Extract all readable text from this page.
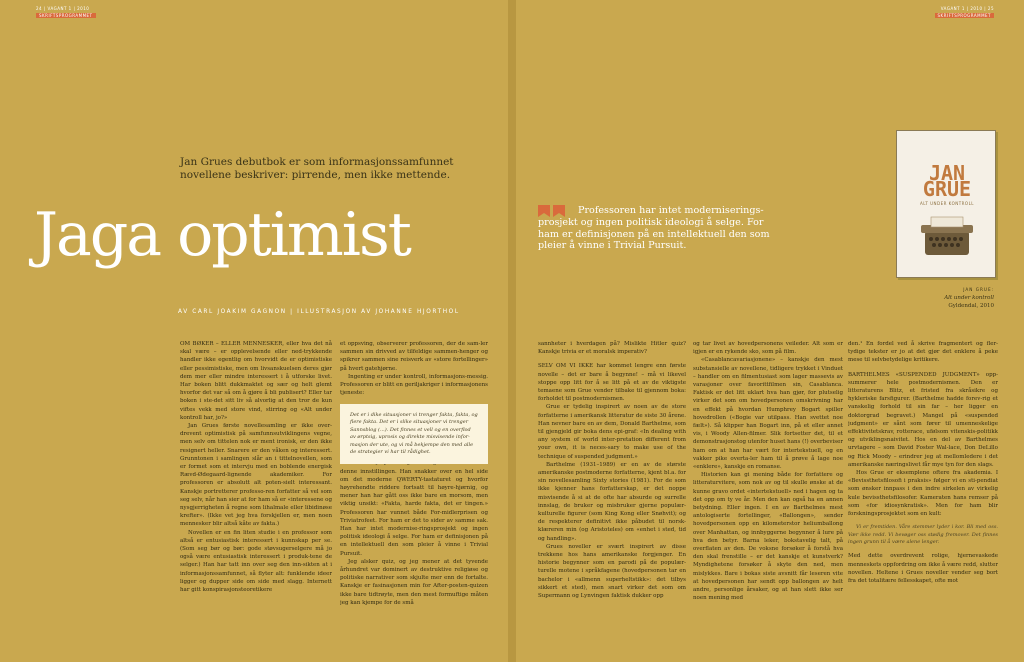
24 | VAGANT 1 | 2010
SKRIFTSPROGRAMMET
Jan Grues debutbok er som informasjonssamfunnet novellene beskriver: pirrende, men ikke mettende.
Jaga optimist
AV CARL JOAKIM GAGNON | ILLUSTRASJON AV JOHANNE HJORTHOL

OM BØKER – ELLER MENNESKER, eller hva det nå skal være – er opplevelsende eller ned-trykkende handler ikke egentlig om hvorvidt de er optimistiske eller pessimistiske, men om livsanskuelsen deres gjør dem mer eller mindre interessert i å utforske livet. Har boken blitt dukkmaktet og sær og helt glemt hvorfor det var så om å gjøre å bli publisert? Eller tar boken i ste-det sitt liv så alvorlig at den tror de kun viftes vekk med store vind, stirring og «Alt under kontroll har, jo?»

Jan Grues første novellesamling er ikke over-drevent optimistisk på samfunnsutviklingens vegne, men selv om tittelen nok er ment ironisk, er den ikke resignert heller. Snarere er den våken og interessert. Grunntonen i samlingen slår an i tittelnovellen, som er formet som et intervju med en boblende energisk Rævd-Ødegaard-lignende akademiker. For professoren er absolutt alt poten-sielt interessant. Kanskje portretterer professo-ren forfatter så vel som seg selv, når han sier at for ham så er «interessene og nysgjerrigheten å regne som lihalmale eller libidinøse krefter». (Ikke vet jeg hva forskjellen er, men noen mennesker blir altså kåte av fakta.)

Novellen er en fin liten studie i en professor som altså er entusiastisk interessert i kunnskap per se. (Som seg bør og bør: gode støvsugerselgere må jo også være entusiastisk interessert i produk-tene de selger.) Han har tatt inn over seg den inn-sikten at i informasjonssamfunnet, så flyter alt: funklende ideer ligger og dupper side om side med slagg. Internett har gitt konspirasjonsteoretikere

et oppsving, observerer professoren, der de sam-ler sammen sin drivved av tilfeldige sammen-henger og spikrer sammen sine reisverk av «store fortellinger» på hvert gatehjørne.

Ingenting er under kontroll, informasjons-messig. Professoren er blitt en geriljakriger i informasjonens tjeneste:

denne innstillingen. Han snakker over en hel side om det moderne QWERTY-tastaturet og hvorfor høyrehendte riddere fortsatt til høyre-hjørnig, og mener han har gått oss ikke bare en morsom, men viktig unsikt: «Fakta, harde fakta, det er tingen.» Professoren har vunnet både For-midlerprisen og Triviatrofeet. For ham er det to sider av samme sak. Han har intet modernise-ringsprosjekt og ingen politisk ideologi å selge. For ham er definisjonen på en intellektuell den som pleier å vinne i Trivial Pursuit.

Jeg alsker quiz, og jeg mener at det tyvende århundret var dominert av destruktive religiøse og politiske narrativer som skjulte mer enn de fortalte. Kanskje er fasinasjonen min for After-posten-quizen ikke bare tidtrøyte, men den mest formuftige måten jeg kan kjempe for de små

Det er i dike situasjoner vi trenger fakta, fakta, og flere fakta. Det er i slike situasjoner vi trenger Sannsblog (...). Det finnes et vell og en overflod av ørptsig, uprosis og direkte misvisende infor-masjon der ute, og vi må bekjempe den med alle de strategier vi har til rådighet.
VAGANT 1 | 2010 | 25
SKRIFTSPROGRAMMET
Professoren har intet moderniserings-prosjekt og ingen politisk ideologi å selge. For ham er definisjonen på en intellektuell den som pleier å vinne i Trivial Pursuit.
JAN GRUE
ALT UNDER KONTROLL
JAN GRUE:
Alt under kontroll
Gyldendal, 2010

sannheter i hverdagen på? Mislikte Hitler quiz? Kanskje trivia er et moralsk imperativ?

SELV OM VI IKKE har kommet lengre enn første novelle – det er bare å begynne! – må vi likevel stoppe opp litt for å se litt på et av de viktigste temaene som Grue vender tilbake til gjennom boka: forholdet til postmodernismen.

Grue er tydelig inspirert av noen av de store forfatterne i amerikansk litteratur de siste 30 årene. Han nevner bare en av dem, Donald Barthelme, som til gjengjeld gir boka dens epi-graf: «In dealing with any system of world inter-pretation different from your own, it is neces-sary to make use of the technique of suspended judgment.»

Barthelme (1931–1989) er en av de største amerikanske postmoderne forfatterne, kjent bl.a. for sin novellesamling Sixty stories (1981). For de som ikke kjenner hans forfatterskap, er det noppe misvisende å si at de ofte har absurde og surrelle innslag, de bruker og misbruker gjerne populær-kulturelle figurer (som King Kong eller Snøhvit); og de respekterer definitivt ikke påbudet til norsk-klæreren min (og Aristoteles) om «enhet i sted, tid og handling».

Grues noveller er svært inspirert av disse trekkene hos hans amerikanske forgjenger. En historie begynner som en parodi på de populær-turelle motene i språkfagene (hovedpersonen tar en bachelor i «allmenn superheltstikk»: det tilbys sikkert et sted), men snart virker det som om Supermann og Lynvingen faktisk dukker opp

og tar livet av hovedpersonens veileder. Alt som er igjen er en rykende sko, som på film.

«Casablancavariasjonene» – kanskje den mest substansielle av novellene, tidligere trykket i Vinduet – handler om en filmentusiast som lager massevis av varasjoner over favorittfilmen sin, Casablanca. Faktisk er det litt uklart hva han gjør, for plutselig virker det som om hovedpersonen omskrivning har en effekt på hvordan Humphrey Bogart spiller hovedrollen («Bogie var utilpass. Han svettet noe fælt»). Så klipper han Bogart inn, på et eller annet vis, i Woody Allen-filmer. Slik fortsetter det, til et demonstrasjonstog utenfor huset hans (!) overbeviser ham om at han har vært for intertekstuell, og en vakker pike overta-ler ham til å prøve å lage noe «enklere», kanskje en romanse.

Historien kan gi mening både for forfattere og litteraturvitere, som nok av og til skulle ønske at de kunne gravo ordet «intertekstuell» ned i hagen og ta det opp om ty ve år. Men den kan også ha en annen betydning. Eller ingen. I en av Barthelmes mest antologiserte fortellinger, «Ballongen», sender hovedpersonen opp en kilometerstor heliumballong over Manhattan, og innbyggerne begynner å lure på hva den betyr. Barna leker, bokstavelig talt, på overflaten av den. De voksne forsøker å forstå hva den skal frenstille – er det kanskje et kunstverk? Myndighetene forsøker å skyte den ned, men mislykkes. Bare i bokas siste avsnitt får leseren vite at hovedpersonen har sendt opp ballongen av helt andre, personlige årsaker, og at han slett ikke ser noen mening med

den.¹ En fordel ved å skrive fragmentert og fler-tydige tekster er jo at det gjør det enklere å peke mese til selvbetydelige kritikere.

BARTHELMES «SUSPENDED JUDGMENT» opp-summerer hele postmodernismen. Den er litteraturens Blitz, et fristed fra skråsikre og hykleriske farsfigurer. (Barthelme hadde forev-rig et vanskelig forhold til sin far – her ligger en doktorgrad begravet.) Mangel på «suspended judgment» er sånt som fører til umenneskelige effektivitetskrav, rotterace, ufølsom vitenskis-politikk og utviklingsnaivitet. Hos en del av Barthelmes urvtagere – som David Foster Wal-lace, Don DeLillo og Rick Moody – erindrer jeg at mellomledere i det amerikanske næringslivet får mye tyn for den slags.

Hos Grue er eksemplene oftere fra akademia. I «Bevissthetsfilosofi i praksis» følger vi en sti-pendiat som ønsker innpass i den indre sirkelen av virkelig kule bevissthetsfilosofer. Kameraten hans remser på som «for idiosynkratisk». Men for ham blir forskningsprosjektet som en kult:

Vi er fremtiden. Våre stemmer lyder i kor. Bli med oss. Vær ikke redd. Vi bevøger oss stødig fremover. Det finnes ingen grunn til å være alene lenger.

Med dette overdrevent rolige, hjernevaskede menneskets oppfordring om ikke å være redd, slutter novellen. Heltene i Grues noveller vender seg bort fra det totalitære fellesskapet, ofte mot
